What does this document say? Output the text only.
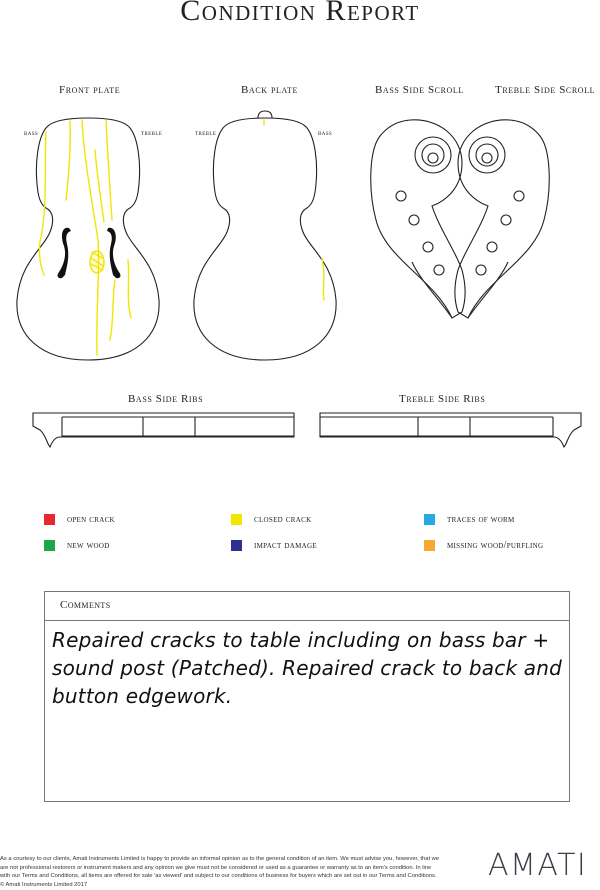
Condition Report
Front plate	Back plate	Bass Side Scroll	Treble Side Scroll
Bass Side Ribs	Treble Side Ribs
bass	treble	treble	bass
open crack	closed crack	traces of worm
new wood	impact damage	missing wood/purfling
Comments
Repaired cracks to table including on bass bar + sound post (Patched). Repaired crack to back and button edgework.
As a courtesy to our clients, Amati Instruments Limited is happy to provide an informal opinion as to the general condition of an item. We must advise you, however, that we are not professional restorers or instrument makers and any opinion we give must not be considered or used as a guarantee or warranty as to an item's condition. In line with our Terms and Conditions, all items are offered for sale 'as viewed' and subject to our conditions of business for buyers which are set out in our Terms and Conditions. © Amati Instruments Limited 2017
AMATI
